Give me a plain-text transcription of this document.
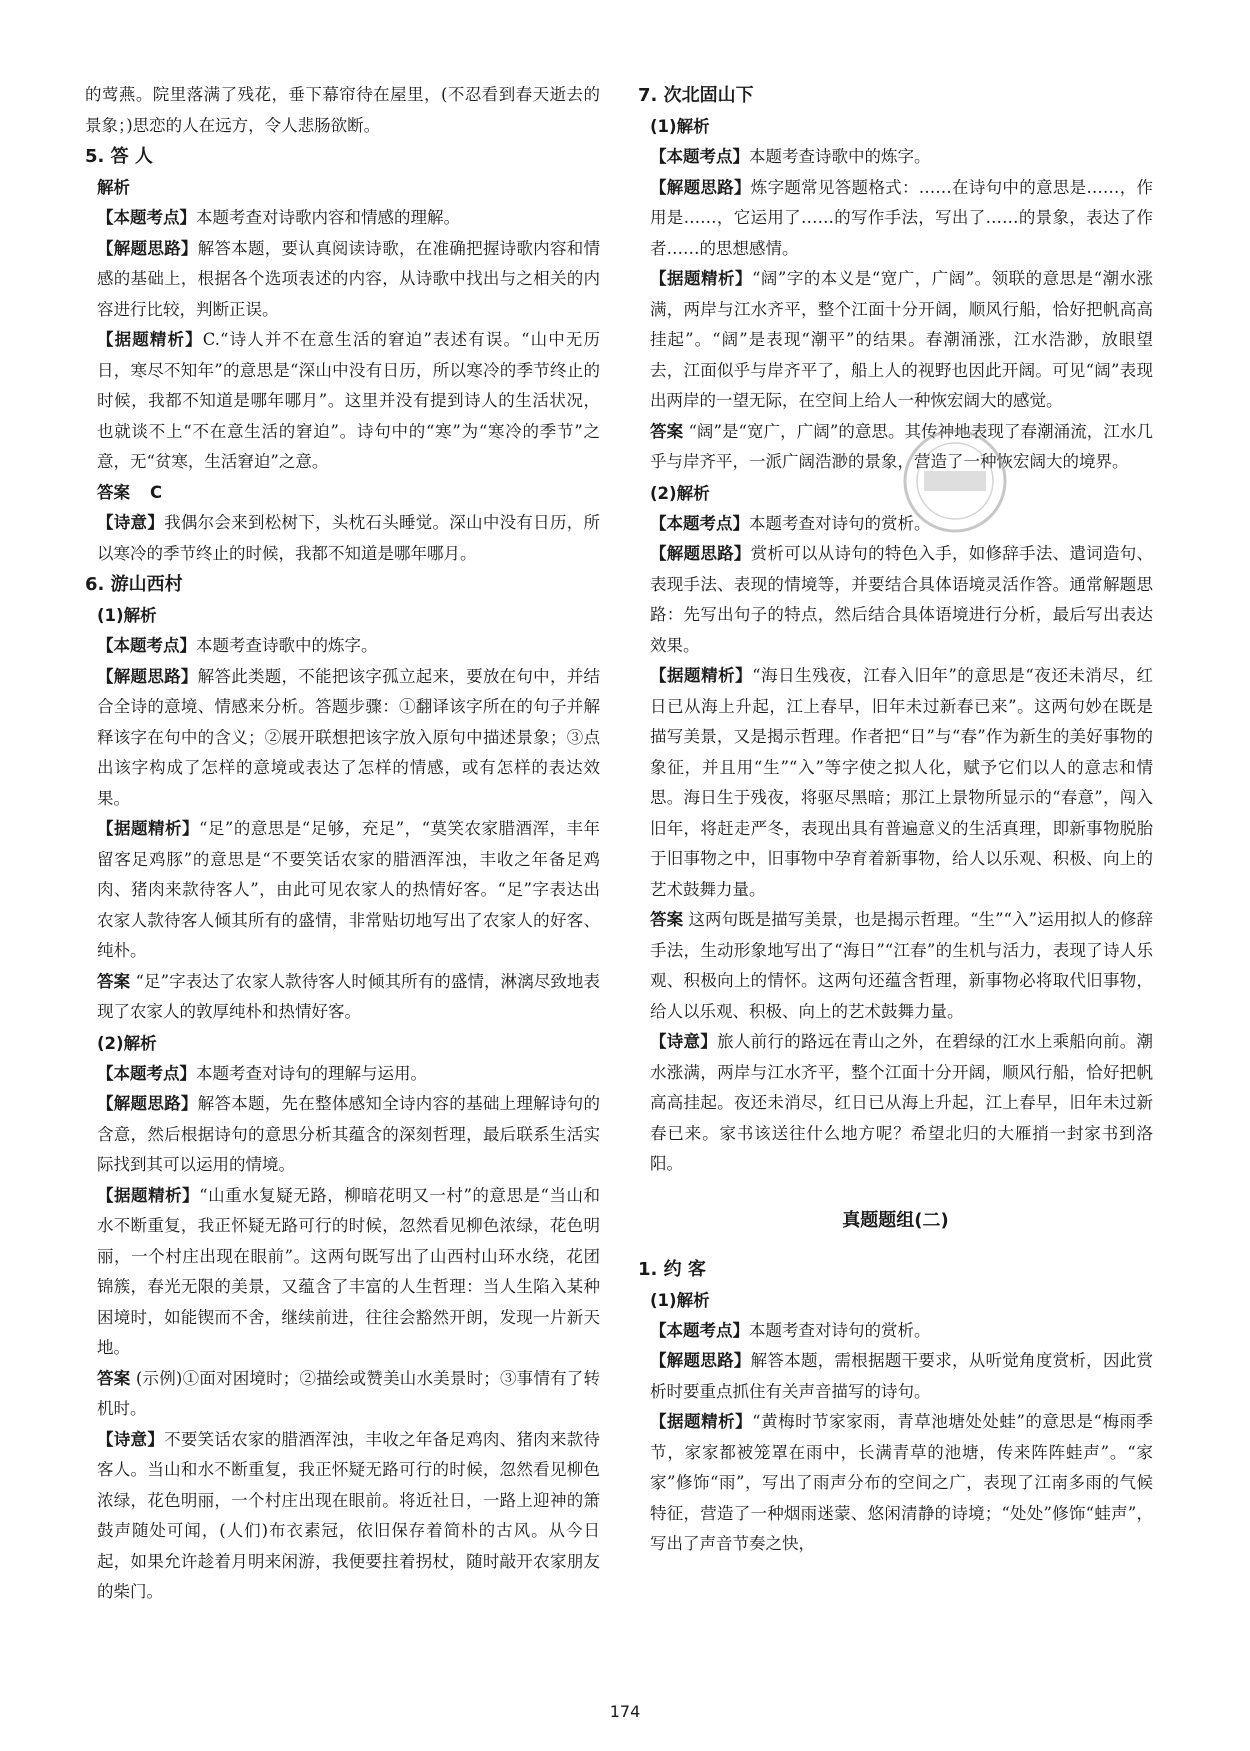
的莺燕。院里落满了残花，垂下幕帘待在屋里，(不忍看到春天逝去的景象；)思恋的人在远方，令人悲肠欲断。

5. 答 人

解析

【本题考点】本题考查对诗歌内容和情感的理解。

【解题思路】解答本题，要认真阅读诗歌，在准确把握诗歌内容和情感的基础上，根据各个选项表述的内容，从诗歌中找出与之相关的内容进行比较，判断正误。

【据题精析】C.“诗人并不在意生活的窘迫”表述有误。“山中无历日，寒尽不知年”的意思是“深山中没有日历，所以寒冷的季节终止的时候，我都不知道是哪年哪月”。这里并没有提到诗人的生活状况，也就谈不上“不在意生活的窘迫”。诗句中的“寒”为“寒冷的季节”之意，无“贫寒，生活窘迫”之意。

答案 C

【诗意】我偶尔会来到松树下，头枕石头睡觉。深山中没有日历，所以寒冷的季节终止的时候，我都不知道是哪年哪月。

6. 游山西村

(1)解析

【本题考点】本题考查诗歌中的炼字。

【解题思路】解答此类题，不能把该字孤立起来，要放在句中，并结合全诗的意境、情感来分析。答题步骤：①翻译该字所在的句子并解释该字在句中的含义；②展开联想把该字放入原句中描述景象；③点出该字构成了怎样的意境或表达了怎样的情感，或有怎样的表达效果。

【据题精析】“足”的意思是“足够，充足”，“莫笑农家腊酒浑，丰年留客足鸡豚”的意思是“不要笑话农家的腊酒浑浊，丰收之年备足鸡肉、猪肉来款待客人”，由此可见农家人的热情好客。“足”字表达出农家人款待客人倾其所有的盛情，非常贴切地写出了农家人的好客、纯朴。

答案 “足”字表达了农家人款待客人时倾其所有的盛情，淋漓尽致地表现了农家人的敦厚纯朴和热情好客。

(2)解析

【本题考点】本题考查对诗句的理解与运用。

【解题思路】解答本题，先在整体感知全诗内容的基础上理解诗句的含意，然后根据诗句的意思分析其蕴含的深刻哲理，最后联系生活实际找到其可以运用的情境。

【据题精析】“山重水复疑无路，柳暗花明又一村”的意思是“当山和水不断重复，我正怀疑无路可行的时候，忽然看见柳色浓绿，花色明丽，一个村庄出现在眼前”。这两句既写出了山西村山环水绕，花团锦簇，春光无限的美景，又蕴含了丰富的人生哲理：当人生陷入某种困境时，如能锲而不舍，继续前进，往往会豁然开朗，发现一片新天地。

答案 (示例)①面对困境时；②描绘或赞美山水美景时；③事情有了转机时。

【诗意】不要笑话农家的腊酒浑浊，丰收之年备足鸡肉、猪肉来款待客人。当山和水不断重复，我正怀疑无路可行的时候，忽然看见柳色浓绿，花色明丽，一个村庄出现在眼前。将近社日，一路上迎神的箫鼓声随处可闻，(人们)布衣素冠，依旧保存着简朴的古风。从今日起，如果允许趁着月明来闲游，我便要拄着拐杖，随时敲开农家朋友的柴门。

7. 次北固山下

(1)解析

【本题考点】本题考查诗歌中的炼字。

【解题思路】炼字题常见答题格式：……在诗句中的意思是……，作用是……，它运用了……的写作手法，写出了……的景象，表达了作者……的思想感情。

【据题精析】“阔”字的本义是“宽广，广阔”。领联的意思是“潮水涨满，两岸与江水齐平，整个江面十分开阔，顺风行船，恰好把帆高高挂起”。“阔”是表现“潮平”的结果。春潮涌涨，江水浩渺，放眼望去，江面似乎与岸齐平了，船上人的视野也因此开阔。可见“阔”表现出两岸的一望无际，在空间上给人一种恢宏阔大的感觉。

答案 “阔”是“宽广，广阔”的意思。其传神地表现了春潮涌流，江水几乎与岸齐平，一派广阔浩渺的景象，营造了一种恢宏阔大的境界。

(2)解析

【本题考点】本题考查对诗句的赏析。

【解题思路】赏析可以从诗句的特色入手，如修辞手法、遣词造句、表现手法、表现的情境等，并要结合具体语境灵活作答。通常解题思路：先写出句子的特点，然后结合具体语境进行分析，最后写出表达效果。

【据题精析】“海日生残夜，江春入旧年”的意思是“夜还未消尽，红日已从海上升起，江上春早，旧年未过新春已来”。这两句妙在既是描写美景，又是揭示哲理。作者把“日”与“春”作为新生的美好事物的象征，并且用“生”“入”等字使之拟人化，赋予它们以人的意志和情思。海日生于残夜，将驱尽黑暗；那江上景物所显示的“春意”，闯入旧年，将赶走严冬，表现出具有普遍意义的生活真理，即新事物脱胎于旧事物之中，旧事物中孕育着新事物，给人以乐观、积极、向上的艺术鼓舞力量。

答案 这两句既是描写美景，也是揭示哲理。“生”“入”运用拟人的修辞手法，生动形象地写出了“海日”“江春”的生机与活力，表现了诗人乐观、积极向上的情怀。这两句还蕴含哲理，新事物必将取代旧事物，给人以乐观、积极、向上的艺术鼓舞力量。

【诗意】旅人前行的路远在青山之外，在碧绿的江水上乘船向前。潮水涨满，两岸与江水齐平，整个江面十分开阔，顺风行船，恰好把帆高高挂起。夜还未消尽，红日已从海上升起，江上春早，旧年未过新春已来。家书该送往什么地方呢？希望北归的大雁捎一封家书到洛阳。

真题题组(二)

1. 约 客

(1)解析

【本题考点】本题考查对诗句的赏析。

【解题思路】解答本题，需根据题干要求，从听觉角度赏析，因此赏析时要重点抓住有关声音描写的诗句。

【据题精析】“黄梅时节家家雨，青草池塘处处蛙”的意思是“梅雨季节，家家都被笼罩在雨中，长满青草的池塘，传来阵阵蛙声”。“家家”修饰“雨”，写出了雨声分布的空间之广，表现了江南多雨的气候特征，营造了一种烟雨迷蒙、悠闲清静的诗境；“处处”修饰“蛙声”，写出了声音节奏之快，

174
